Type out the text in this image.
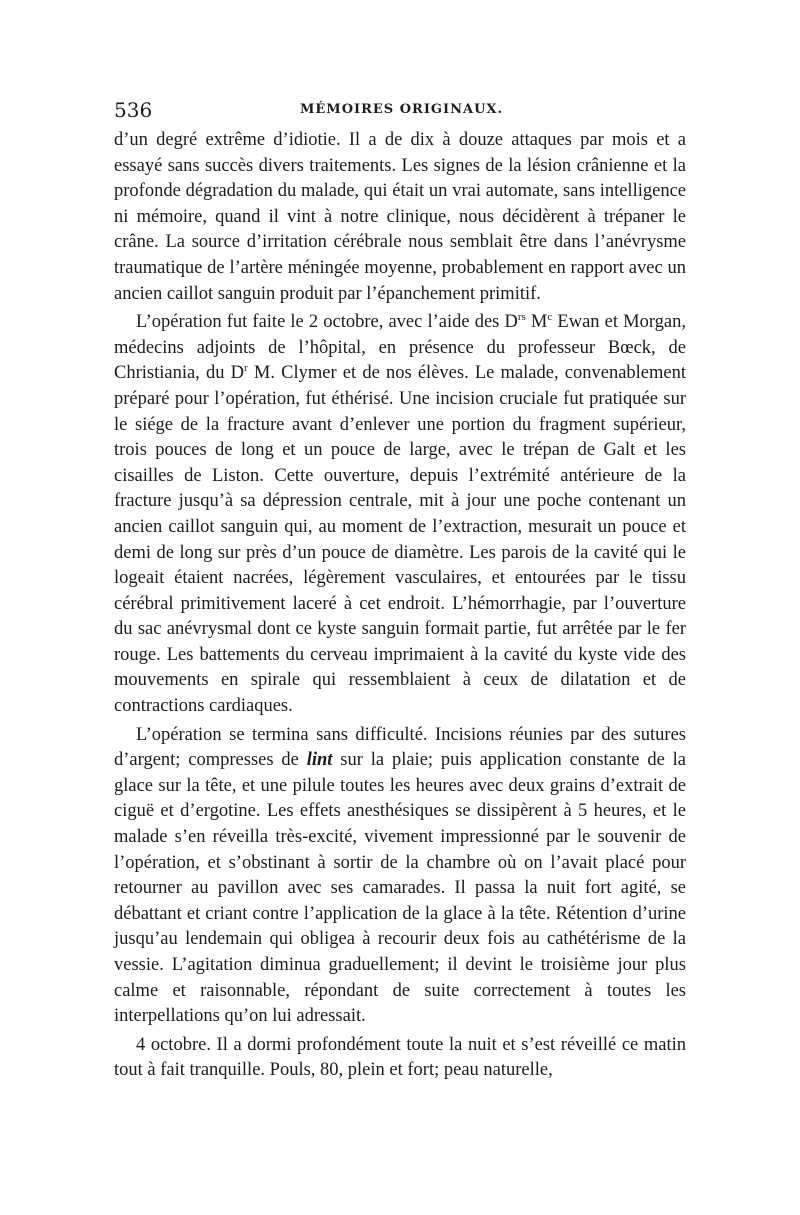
536	MÉMOIRES ORIGINAUX.

d’un degré extrême d’idiotie. Il a de dix à douze attaques par mois et a essayé sans succès divers traitements. Les signes de la lésion crânienne et la profonde dégradation du malade, qui était un vrai automate, sans intelligence ni mémoire, quand il vint à notre clinique, nous décidèrent à trépaner le crâne. La source d’irritation cérébrale nous semblait être dans l’anévrysme traumatique de l’artère méningée moyenne, probablement en rapport avec un ancien caillot sanguin produit par l’épanchement primitif.

L’opération fut faite le 2 octobre, avec l’aide des $D^{rs}$ $M^c$ Ewan et Morgan, médecins adjoints de l’hôpital, en présence du professeur Bœck, de Christiania, du $D^r$ M. Clymer et de nos élèves. Le malade, convenablement préparé pour l’opération, fut éthérisé. Une incision cruciale fut pratiquée sur le siége de la fracture avant d’enlever une portion du fragment supérieur, trois pouces de long et un pouce de large, avec le trépan de Galt et les cisailles de Liston. Cette ouverture, depuis l’extrémité antérieure de la fracture jusqu’à sa dépression centrale, mit à jour une poche contenant un ancien caillot sanguin qui, au moment de l’extraction, mesurait un pouce et demi de long sur près d’un pouce de diamètre. Les parois de la cavité qui le logeait étaient nacrées, légèrement vasculaires, et entourées par le tissu cérébral primitivement laceré à cet endroit. L’hémorrhagie, par l’ouverture du sac anévrysmal dont ce kyste sanguin formait partie, fut arrêtée par le fer rouge. Les battements du cerveau imprimaient à la cavité du kyste vide des mouvements en spirale qui ressemblaient à ceux de dilatation et de contractions cardiaques.

L’opération se termina sans difficulté. Incisions réunies par des sutures d’argent; compresses de lint sur la plaie; puis application constante de la glace sur la tête, et une pilule toutes les heures avec deux grains d’extrait de ciguë et d’ergotine. Les effets anesthésiques se dissipèrent à 5 heures, et le malade s’en réveilla très-excité, vivement impressionné par le souvenir de l’opération, et s’obstinant à sortir de la chambre où on l’avait placé pour retourner au pavillon avec ses camarades. Il passa la nuit fort agité, se débattant et criant contre l’application de la glace à la tête. Rétention d’urine jusqu’au lendemain qui obligea à recourir deux fois au cathétérisme de la vessie. L’agitation diminua graduellement; il devint le troisième jour plus calme et raisonnable, répondant de suite correctement à toutes les interpellations qu’on lui adressait.

4 octobre. Il a dormi profondément toute la nuit et s’est réveillé ce matin tout à fait tranquille. Pouls, 80, plein et fort; peau naturelle,
